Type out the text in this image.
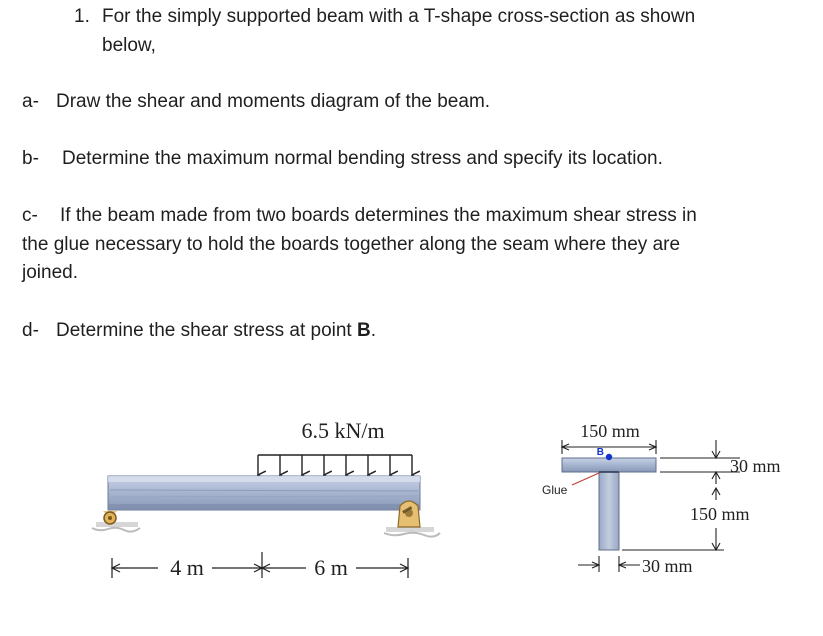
1. For the simply supported beam with a T-shape cross-section as shown

below,

a- Draw the shear and moments diagram of the beam.

b- Determine the maximum normal bending stress and specify its location.

c- If the beam made from two boards determines the maximum shear stress in

the glue necessary to hold the boards together along the seam where they are

joined.

d- Determine the shear stress at point B.

6.5 kN/m
4 m	6 m
150 mm
B
Glue
30 mm
150 mm
30 mm
